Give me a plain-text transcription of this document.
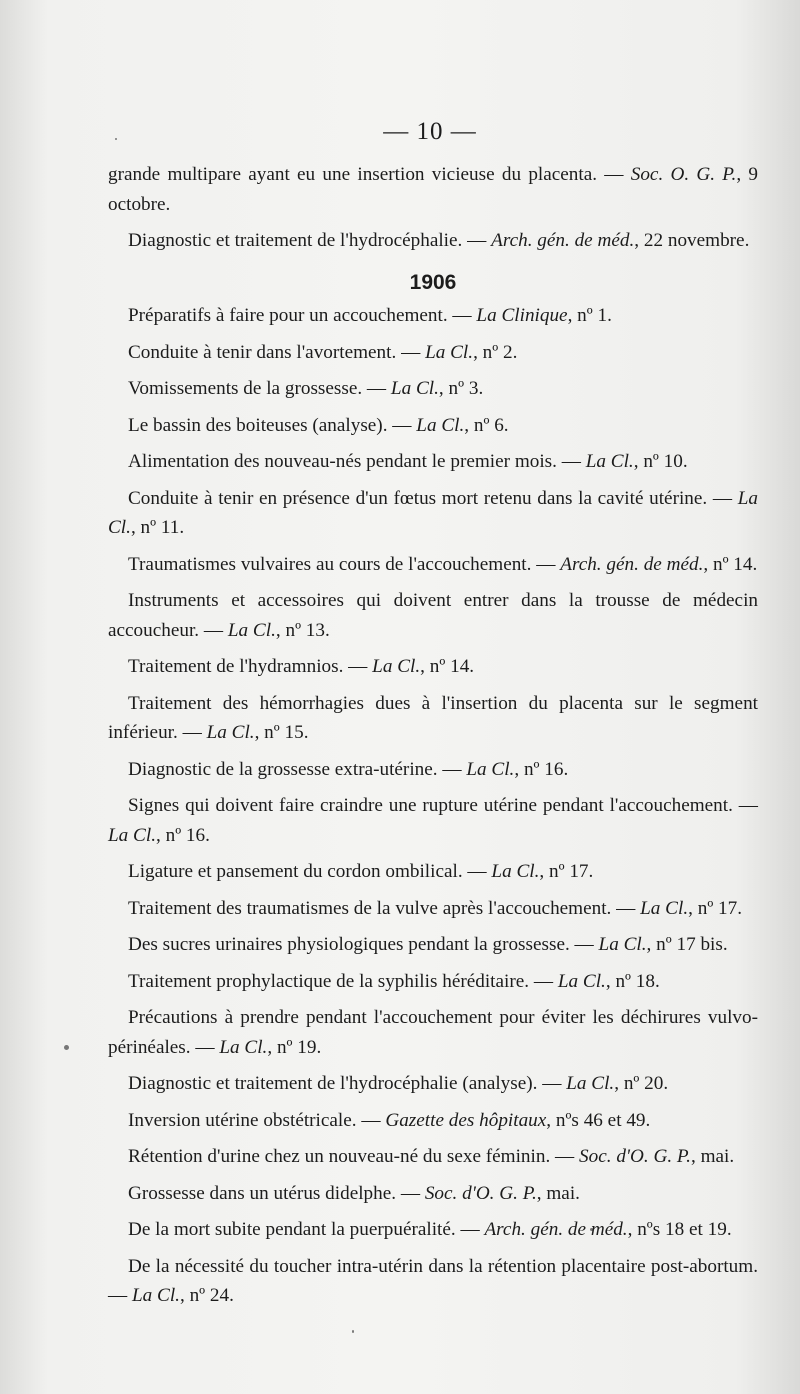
— 10 —

grande multipare ayant eu une insertion vicieuse du placenta. — Soc. O. G. P., 9 octobre.

Diagnostic et traitement de l'hydrocéphalie. — Arch. gén. de méd., 22 novembre.

1906

Préparatifs à faire pour un accouchement. — La Clinique, nº 1.

Conduite à tenir dans l'avortement. — La Cl., nº 2.

Vomissements de la grossesse. — La Cl., nº 3.

Le bassin des boiteuses (analyse). — La Cl., nº 6.

Alimentation des nouveau-nés pendant le premier mois. — La Cl., nº 10.

Conduite à tenir en présence d'un fœtus mort retenu dans la cavité utérine. — La Cl., nº 11.

Traumatismes vulvaires au cours de l'accouchement. — Arch. gén. de méd., nº 14.

Instruments et accessoires qui doivent entrer dans la trousse de médecin accoucheur. — La Cl., nº 13.

Traitement de l'hydramnios. — La Cl., nº 14.

Traitement des hémorrhagies dues à l'insertion du placenta sur le segment inférieur. — La Cl., nº 15.

Diagnostic de la grossesse extra-utérine. — La Cl., nº 16.

Signes qui doivent faire craindre une rupture utérine pendant l'accouchement. — La Cl., nº 16.

Ligature et pansement du cordon ombilical. — La Cl., nº 17.

Traitement des traumatismes de la vulve après l'accouchement. — La Cl., nº 17.

Des sucres urinaires physiologiques pendant la grossesse. — La Cl., nº 17 bis.

Traitement prophylactique de la syphilis héréditaire. — La Cl., nº 18.

Précautions à prendre pendant l'accouchement pour éviter les déchirures vulvo-périnéales. — La Cl., nº 19.

Diagnostic et traitement de l'hydrocéphalie (analyse). — La Cl., nº 20.

Inversion utérine obstétricale. — Gazette des hôpitaux, nºs 46 et 49.

Rétention d'urine chez un nouveau-né du sexe féminin. — Soc. d'O. G. P., mai.

Grossesse dans un utérus didelphe. — Soc. d'O. G. P., mai.

De la mort subite pendant la puerpuéralité. — Arch. gén. de méd., nºs 18 et 19.

De la nécessité du toucher intra-utérin dans la rétention placentaire post-abortum. — La Cl., nº 24.
